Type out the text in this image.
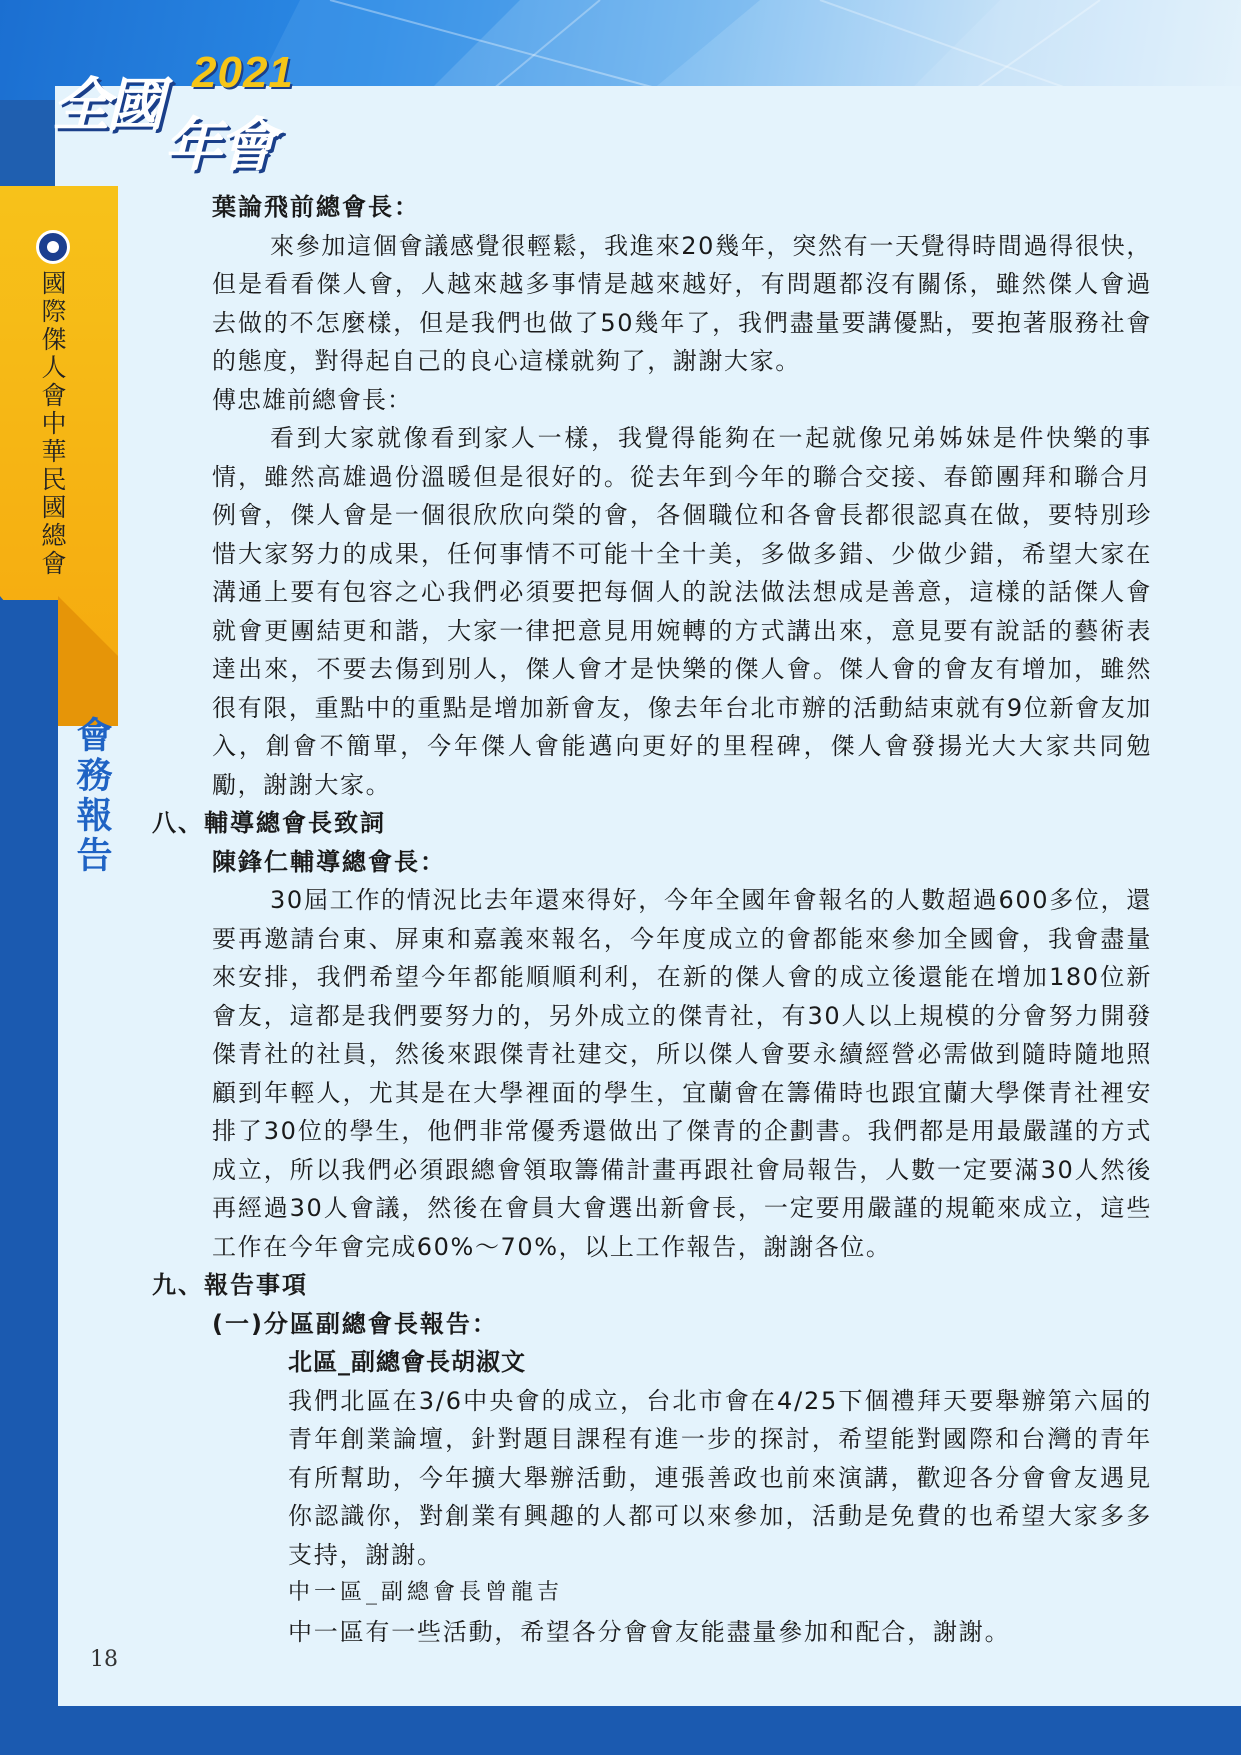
2021
全國
年會
國際傑人會中華民國總會
會務報告
18
葉論飛前總會長：
來參加這個會議感覺很輕鬆，我進來20幾年，突然有一天覺得時間過得很快，但是看看傑人會，人越來越多事情是越來越好，有問題都沒有關係，雖然傑人會過去做的不怎麼樣，但是我們也做了50幾年了，我們盡量要講優點，要抱著服務社會的態度，對得起自己的良心這樣就夠了，謝謝大家。
傅忠雄前總會長：
看到大家就像看到家人一樣，我覺得能夠在一起就像兄弟姊妹是件快樂的事情，雖然高雄過份溫暖但是很好的。從去年到今年的聯合交接、春節團拜和聯合月例會，傑人會是一個很欣欣向榮的會，各個職位和各會長都很認真在做，要特別珍惜大家努力的成果，任何事情不可能十全十美，多做多錯、少做少錯，希望大家在溝通上要有包容之心我們必須要把每個人的說法做法想成是善意，這樣的話傑人會就會更團結更和諧，大家一律把意見用婉轉的方式講出來，意見要有說話的藝術表達出來，不要去傷到別人，傑人會才是快樂的傑人會。傑人會的會友有增加，雖然很有限，重點中的重點是增加新會友，像去年台北市辦的活動結束就有9位新會友加入，創會不簡單，今年傑人會能邁向更好的里程碑，傑人會發揚光大大家共同勉勵，謝謝大家。
八、輔導總會長致詞
陳鋒仁輔導總會長：
30屆工作的情況比去年還來得好，今年全國年會報名的人數超過600多位，還要再邀請台東、屏東和嘉義來報名，今年度成立的會都能來參加全國會，我會盡量來安排，我們希望今年都能順順利利，在新的傑人會的成立後還能在增加180位新會友，這都是我們要努力的，另外成立的傑青社，有30人以上規模的分會努力開發傑青社的社員，然後來跟傑青社建交，所以傑人會要永續經營必需做到隨時隨地照顧到年輕人，尤其是在大學裡面的學生，宜蘭會在籌備時也跟宜蘭大學傑青社裡安排了30位的學生，他們非常優秀還做出了傑青的企劃書。我們都是用最嚴謹的方式成立，所以我們必須跟總會領取籌備計畫再跟社會局報告，人數一定要滿30人然後再經過30人會議，然後在會員大會選出新會長，一定要用嚴謹的規範來成立，這些工作在今年會完成60%～70%，以上工作報告，謝謝各位。
九、報告事項
(一)分區副總會長報告：
北區_副總會長胡淑文
我們北區在3/6中央會的成立，台北市會在4/25下個禮拜天要舉辦第六屆的青年創業論壇，針對題目課程有進一步的探討，希望能對國際和台灣的青年有所幫助，今年擴大舉辦活動，連張善政也前來演講，歡迎各分會會友遇見你認識你，對創業有興趣的人都可以來參加，活動是免費的也希望大家多多支持，謝謝。
中一區_副總會長曾龍吉
中一區有一些活動，希望各分會會友能盡量參加和配合，謝謝。
